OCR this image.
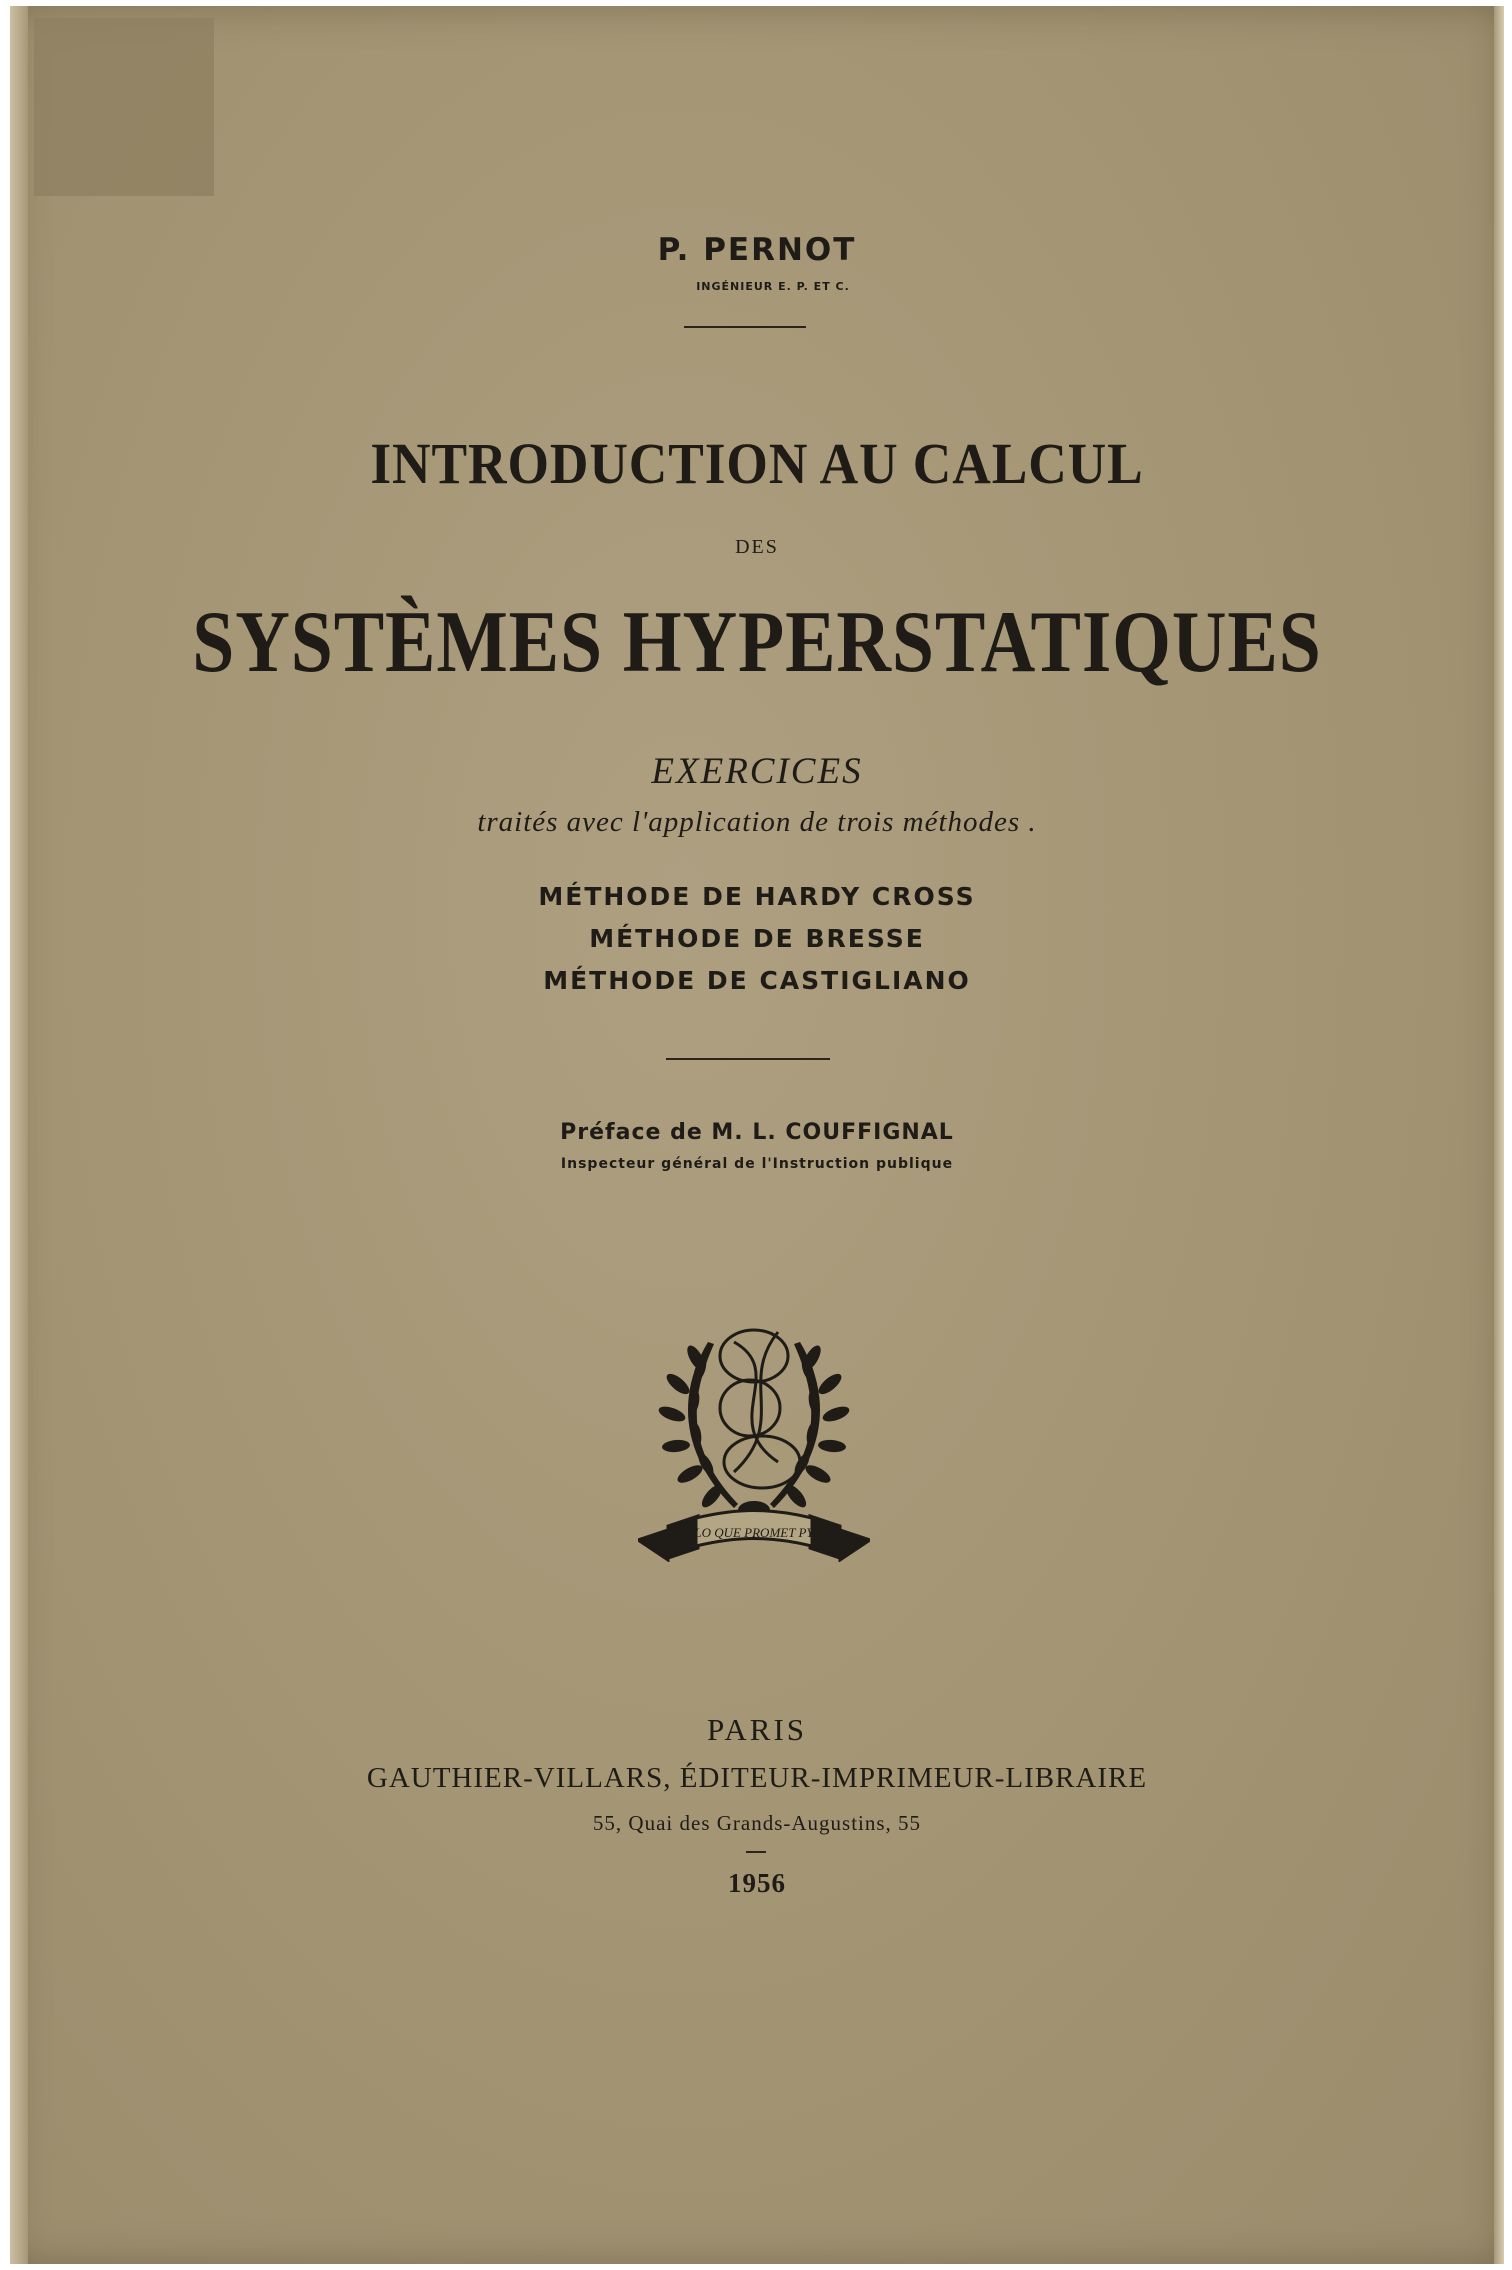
P. PERNOT
INGÉNIEUR E. P. ET C.
INTRODUCTION AU CALCUL
DES
SYSTÈMES HYPERSTATIQUES
EXERCICES
traités avec l'application de trois méthodes .
MÉTHODE DE HARDY CROSS
MÉTHODE DE BRESSE
MÉTHODE DE CASTIGLIANO
Préface de M. L. COUFFIGNAL
Inspecteur général de l'Instruction publique
LO QUE PROMET PY
PARIS
GAUTHIER-VILLARS, ÉDITEUR-IMPRIMEUR-LIBRAIRE
55, Quai des Grands-Augustins, 55
1956
